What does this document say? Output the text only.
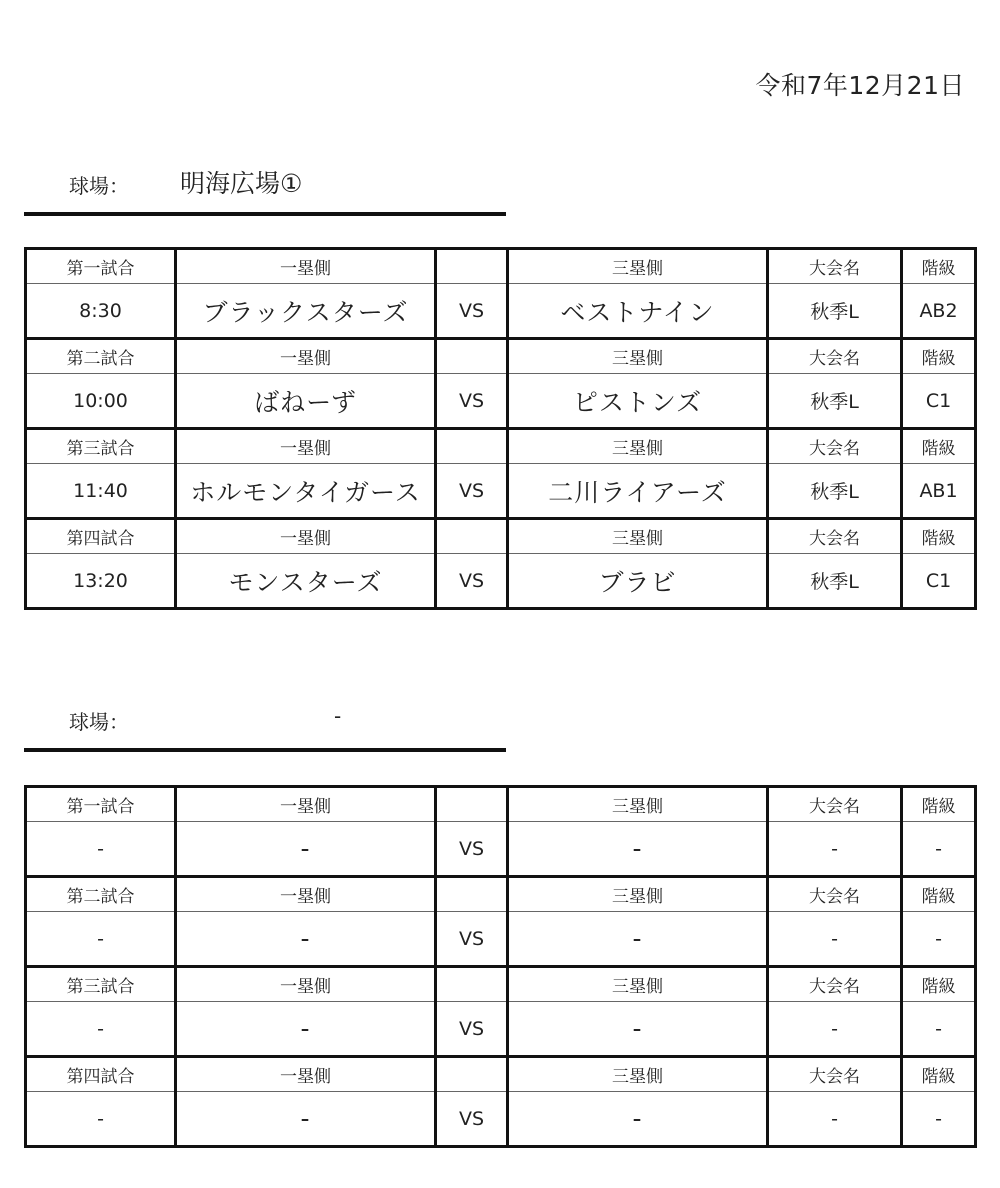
令和7年12月21日
球場： 明海広場①
第一試合	一塁側		三塁側	大会名	階級
8:30	ブラックスターズ	VS	ベストナイン	秋季L	AB2
第二試合	一塁側		三塁側	大会名	階級
10:00	ばねーず	VS	ピストンズ	秋季L	C1
第三試合	一塁側		三塁側	大会名	階級
11:40	ホルモンタイガース	VS	二川ライアーズ	秋季L	AB1
第四試合	一塁側		三塁側	大会名	階級
13:20	モンスターズ	VS	ブラビ	秋季L	C1
球場：	-
第一試合	一塁側		三塁側	大会名	階級
-	-	VS	-	-	-
第二試合	一塁側		三塁側	大会名	階級
-	-	VS	-	-	-
第三試合	一塁側		三塁側	大会名	階級
-	-	VS	-	-	-
第四試合	一塁側		三塁側	大会名	階級
-	-	VS	-	-	-
